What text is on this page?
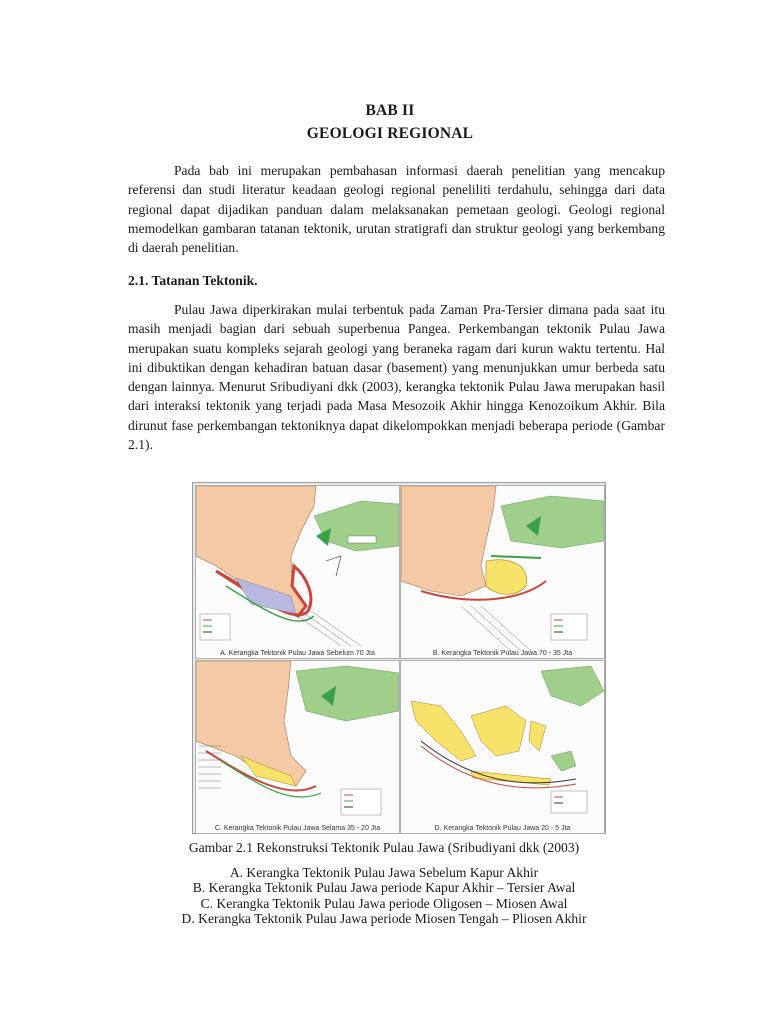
BAB II
GEOLOGI REGIONAL
Pada bab ini merupakan pembahasan informasi daerah penelitian yang mencakup referensi dan studi literatur keadaan geologi regional peneliliti terdahulu, sehingga dari data regional dapat dijadikan panduan dalam melaksanakan pemetaan geologi. Geologi regional memodelkan gambaran tatanan tektonik, urutan stratigrafi dan struktur geologi yang berkembang di daerah penelitian.
2.1. Tatanan Tektonik.
Pulau Jawa diperkirakan mulai terbentuk pada Zaman Pra-Tersier dimana pada saat itu masih menjadi bagian dari sebuah superbenua Pangea. Perkembangan tektonik Pulau Jawa merupakan suatu kompleks sejarah geologi yang beraneka ragam dari kurun waktu tertentu. Hal ini dibuktikan dengan kehadiran batuan dasar (basement) yang menunjukkan umur berbeda satu dengan lainnya. Menurut Sribudiyani dkk (2003), kerangka tektonik Pulau Jawa merupakan hasil dari interaksi tektonik yang terjadi pada Masa Mesozoik Akhir hingga Kenozoikum Akhir. Bila dirunut fase perkembangan tektoniknya dapat dikelompokkan menjadi beberapa periode (Gambar 2.1).
A. Kerangka Tektonik Pulau Jawa Sebelum 70 Jta	B. Kerangka Tektonik Pulau Jawa 70 - 35 Jta
C. Kerangka Tektonik Pulau Jawa Selama 35 - 20 Jta	D. Kerangka Tektonik Pulau Jawa 20 - 5 Jta
Gambar 2.1 Rekonstruksi Tektonik Pulau Jawa (Sribudiyani dkk (2003)
A. Kerangka Tektonik Pulau Jawa Sebelum Kapur Akhir
B. Kerangka Tektonik Pulau Jawa periode Kapur Akhir – Tersier Awal
C. Kerangka Tektonik Pulau Jawa periode Oligosen – Miosen Awal
D. Kerangka Tektonik Pulau Jawa periode Miosen Tengah – Pliosen Akhir
